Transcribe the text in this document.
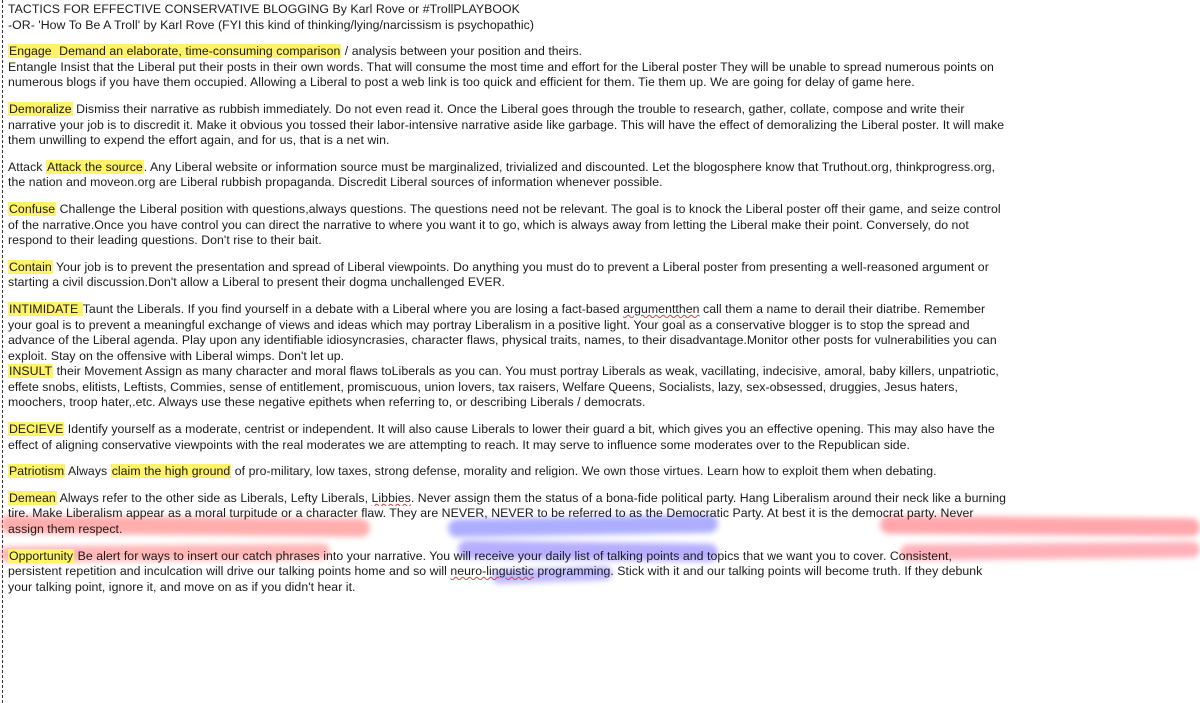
TACTICS FOR EFFECTIVE CONSERVATIVE BLOGGING By Karl Rove or #TrollPLAYBOOK
-OR- 'How To Be A Troll' by Karl Rove (FYI this kind of thinking/lying/narcissism is psychopathic)
Engage Demand an elaborate, time-consuming comparison / analysis between your position and theirs.
Entangle Insist that the Liberal put their posts in their own words. That will consume the most time and effort for the Liberal poster They will be unable to spread numerous points on
numerous blogs if you have them occupied. Allowing a Liberal to post a web link is too quick and efficient for them. Tie them up. We are going for delay of game here.
Demoralize Dismiss their narrative as rubbish immediately. Do not even read it. Once the Liberal goes through the trouble to research, gather, collate, compose and write their
narrative your job is to discredit it. Make it obvious you tossed their labor-intensive narrative aside like garbage. This will have the effect of demoralizing the Liberal poster. It will make
them unwilling to expend the effort again, and for us, that is a net win.
Attack Attack the source. Any Liberal website or information source must be marginalized, trivialized and discounted. Let the blogosphere know that Truthout.org, thinkprogress.org,
the nation and moveon.org are Liberal rubbish propaganda. Discredit Liberal sources of information whenever possible.
Confuse Challenge the Liberal position with questions,always questions. The questions need not be relevant. The goal is to knock the Liberal poster off their game, and seize control
of the narrative.Once you have control you can direct the narrative to where you want it to go, which is always away from letting the Liberal make their point. Conversely, do not
respond to their leading questions. Don't rise to their bait.
Contain Your job is to prevent the presentation and spread of Liberal viewpoints. Do anything you must do to prevent a Liberal poster from presenting a well-reasoned argument or
starting a civil discussion.Don't allow a Liberal to present their dogma unchallenged EVER.
INTIMIDATE Taunt the Liberals. If you find yourself in a debate with a Liberal where you are losing a fact-based argumentthen call them a name to derail their diatribe. Remember
your goal is to prevent a meaningful exchange of views and ideas which may portray Liberalism in a positive light. Your goal as a conservative blogger is to stop the spread and
advance of the Liberal agenda. Play upon any identifiable idiosyncrasies, character flaws, physical traits, names, to their disadvantage.Monitor other posts for vulnerabilities you can
exploit. Stay on the offensive with Liberal wimps. Don't let up.
INSULT their Movement Assign as many character and moral flaws toLiberals as you can. You must portray Liberals as weak, vacillating, indecisive, amoral, baby killers, unpatriotic,
effete snobs, elitists, Leftists, Commies, sense of entitlement, promiscuous, union lovers, tax raisers, Welfare Queens, Socialists, lazy, sex-obsessed, druggies, Jesus haters,
moochers, troop hater,.etc. Always use these negative epithets when referring to, or describing Liberals / democrats.
DECIEVE Identify yourself as a moderate, centrist or independent. It will also cause Liberals to lower their guard a bit, which gives you an effective opening. This may also have the
effect of aligning conservative viewpoints with the real moderates we are attempting to reach. It may serve to influence some moderates over to the Republican side.
Patriotism Always claim the high ground of pro-military, low taxes, strong defense, morality and religion. We own those virtues. Learn how to exploit them when debating.
Demean Always refer to the other side as Liberals, Lefty Liberals, Libbies. Never assign them the status of a bona-fide political party. Hang Liberalism around their neck like a burning
tire. Make Liberalism appear as a moral turpitude or a character flaw. They are NEVER, NEVER to be referred to as the Democratic Party. At best it is the democrat party. Never
assign them respect.
Opportunity Be alert for ways to insert our catch phrases into your narrative. You will receive your daily list of talking points and topics that we want you to cover. Consistent,
persistent repetition and inculcation will drive our talking points home and so will neuro-linguistic programming. Stick with it and our talking points will become truth. If they debunk
your talking point, ignore it, and move on as if you didn't hear it.
